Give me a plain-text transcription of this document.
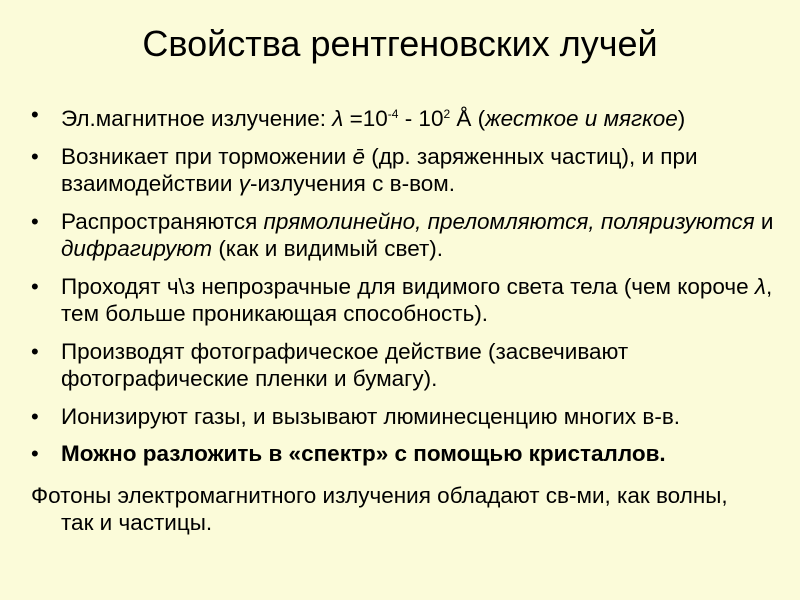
Свойства рентгеновских лучей
• Эл.магнитное излучение: $\lambda =10^{-4} - 10^2$ Å (жесткое и мягкое)
• Возникает при торможении ē (др. заряженных частиц), и при взаимодействии γ-излучения с в-вом.
• Распространяются прямолинейно, преломляются, поляризуются и дифрагируют (как и видимый свет).
• Проходят ч\з непрозрачные для видимого света тела (чем короче λ, тем больше проникающая способность).
• Производят фотографическое действие (засвечивают фотографические пленки и бумагу).
• Ионизируют газы, и вызывают люминесценцию многих в-в.
• Можно разложить в «спектр» с помощью кристаллов.
Фотоны электромагнитного излучения обладают св-ми, как волны,
так и частицы.
